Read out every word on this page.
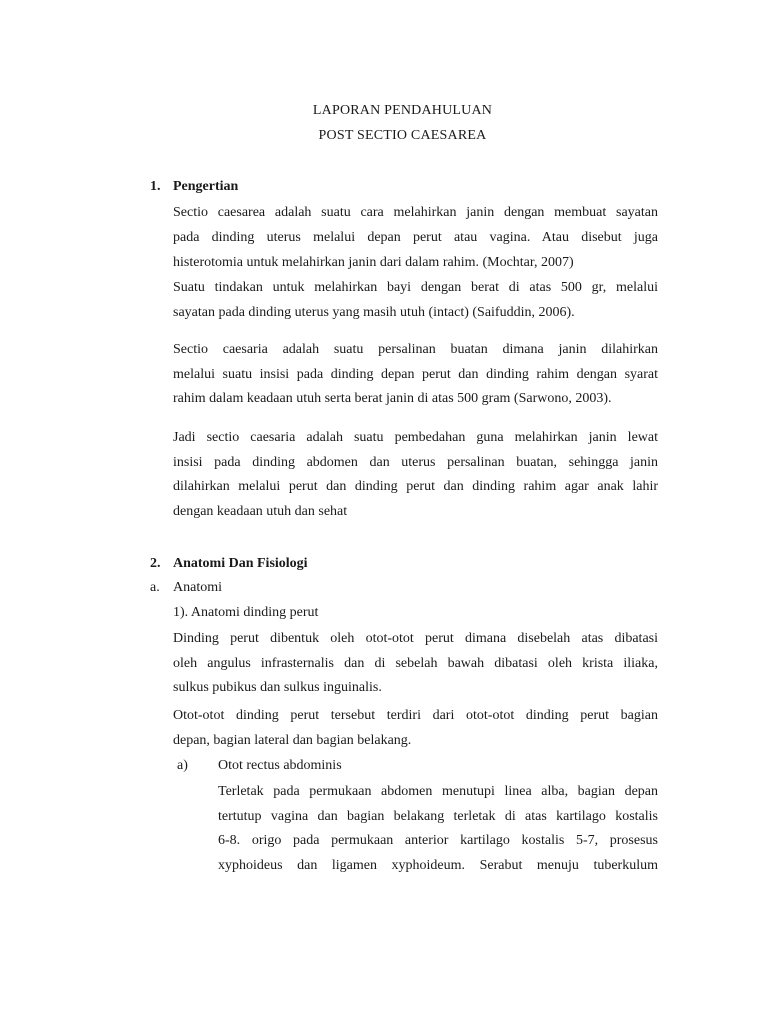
LAPORAN PENDAHULUAN
POST SECTIO CAESAREA
1. Pengertian
Sectio caesarea adalah suatu cara melahirkan janin dengan membuat sayatan
pada dinding uterus melalui depan perut atau vagina. Atau disebut juga
histerotomia untuk melahirkan janin dari dalam rahim. (Mochtar, 2007)
Suatu tindakan untuk melahirkan bayi dengan berat di atas 500 gr, melalui
sayatan pada dinding uterus yang masih utuh (intact) (Saifuddin, 2006).
Sectio caesaria adalah suatu persalinan buatan dimana janin dilahirkan
melalui suatu insisi pada dinding depan perut dan dinding rahim dengan syarat
rahim dalam keadaan utuh serta berat janin di atas 500 gram (Sarwono, 2003).
Jadi sectio caesaria adalah suatu pembedahan guna melahirkan janin lewat
insisi pada dinding abdomen dan uterus persalinan buatan, sehingga janin
dilahirkan melalui perut dan dinding perut dan dinding rahim agar anak lahir
dengan keadaan utuh dan sehat
2. Anatomi Dan Fisiologi
a. Anatomi
1). Anatomi dinding perut
Dinding perut dibentuk oleh otot-otot perut dimana disebelah atas dibatasi
oleh angulus infrasternalis dan di sebelah bawah dibatasi oleh krista iliaka,
sulkus pubikus dan sulkus inguinalis.
Otot-otot dinding perut tersebut terdiri dari otot-otot dinding perut bagian
depan, bagian lateral dan bagian belakang.
a) Otot rectus abdominis
Terletak pada permukaan abdomen menutupi linea alba, bagian depan
tertutup vagina dan bagian belakang terletak di atas kartilago kostalis
6-8. origo pada permukaan anterior kartilago kostalis 5-7, prosesus
xyphoideus dan ligamen xyphoideum. Serabut menuju tuberkulum
